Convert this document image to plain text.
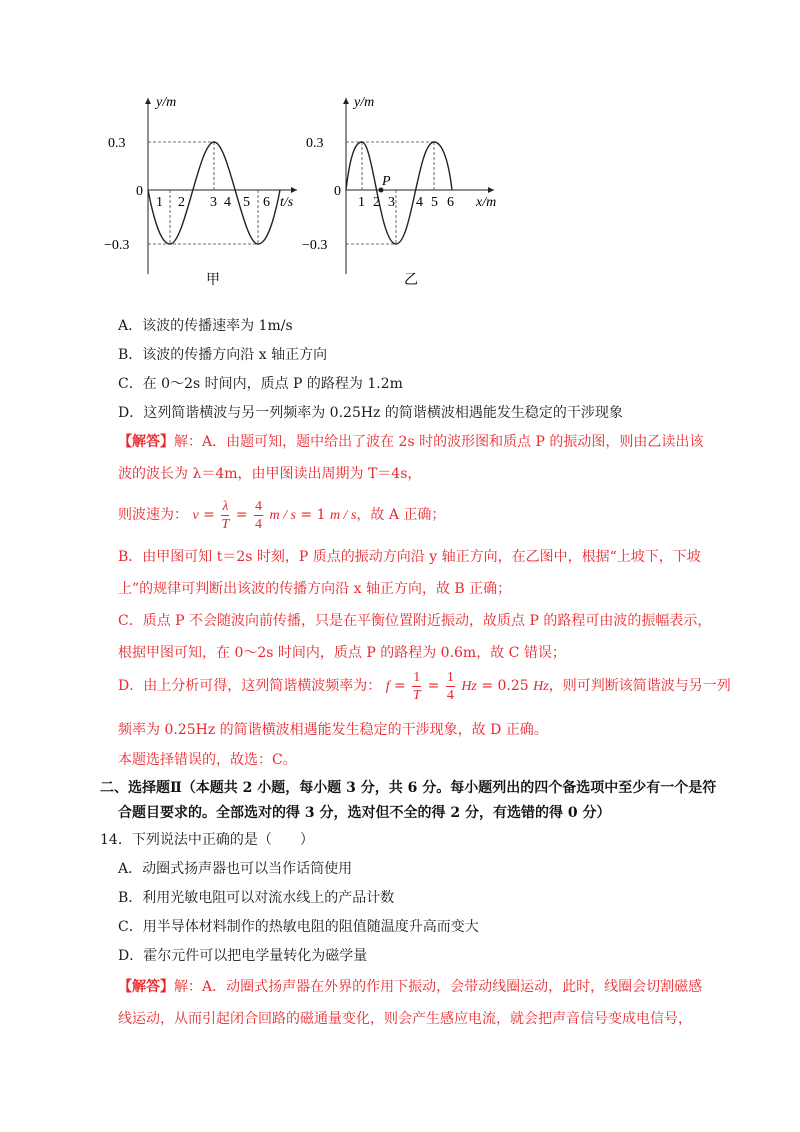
y/m
0.3
0
−0.3
1 2 3 4 5 6 t/s
甲
P
y/m
0.3
0
−0.3
1 2 3 4 5 6 x/m
乙
A．该波的传播速率为 1m/s
B．该波的传播方向沿 x 轴正方向
C．在 0～2s 时间内，质点 P 的路程为 1.2m
D．这列简谐横波与另一列频率为 0.25Hz 的简谐横波相遇能发生稳定的干涉现象
【解答】解：A．由题可知，题中给出了波在 2s 时的波形图和质点 P 的振动图，则由乙读出该
波的波长为 λ＝4m，由甲图读出周期为 T＝4s，
则波速为： $v = \frac{\lambda}{T} = \frac{4}{4}$ m / s = 1 m / s，故 A 正确；
B．由甲图可知 t＝2s 时刻，P 质点的振动方向沿 y 轴正方向，在乙图中，根据“上坡下，下坡
上”的规律可判断出该波的传播方向沿 x 轴正方向，故 B 正确；
C．质点 P 不会随波向前传播，只是在平衡位置附近振动，故质点 P 的路程可由波的振幅表示，
根据甲图可知，在 0～2s 时间内，质点 P 的路程为 0.6m，故 C 错误；
D．由上分析可得，这列简谐横波频率为： $f = \frac{1}{T} = \frac{1}{4}$ Hz = 0.25 Hz，则可判断该简谐波与另一列
频率为 0.25Hz 的简谐横波相遇能发生稳定的干涉现象，故 D 正确。
本题选择错误的，故选：C。
二、选择题Ⅱ（本题共 2 小题，每小题 3 分，共 6 分。每小题列出的四个备选项中至少有一个是符
合题目要求的。全部选对的得 3 分，选对但不全的得 2 分，有选错的得 0 分）
14．下列说法中正确的是（　　）
A．动圈式扬声器也可以当作话筒使用
B．利用光敏电阻可以对流水线上的产品计数
C．用半导体材料制作的热敏电阻的阻值随温度升高而变大
D．霍尔元件可以把电学量转化为磁学量
【解答】解：A．动圈式扬声器在外界的作用下振动，会带动线圈运动，此时，线圈会切割磁感
线运动，从而引起闭合回路的磁通量变化，则会产生感应电流，就会把声音信号变成电信号，
